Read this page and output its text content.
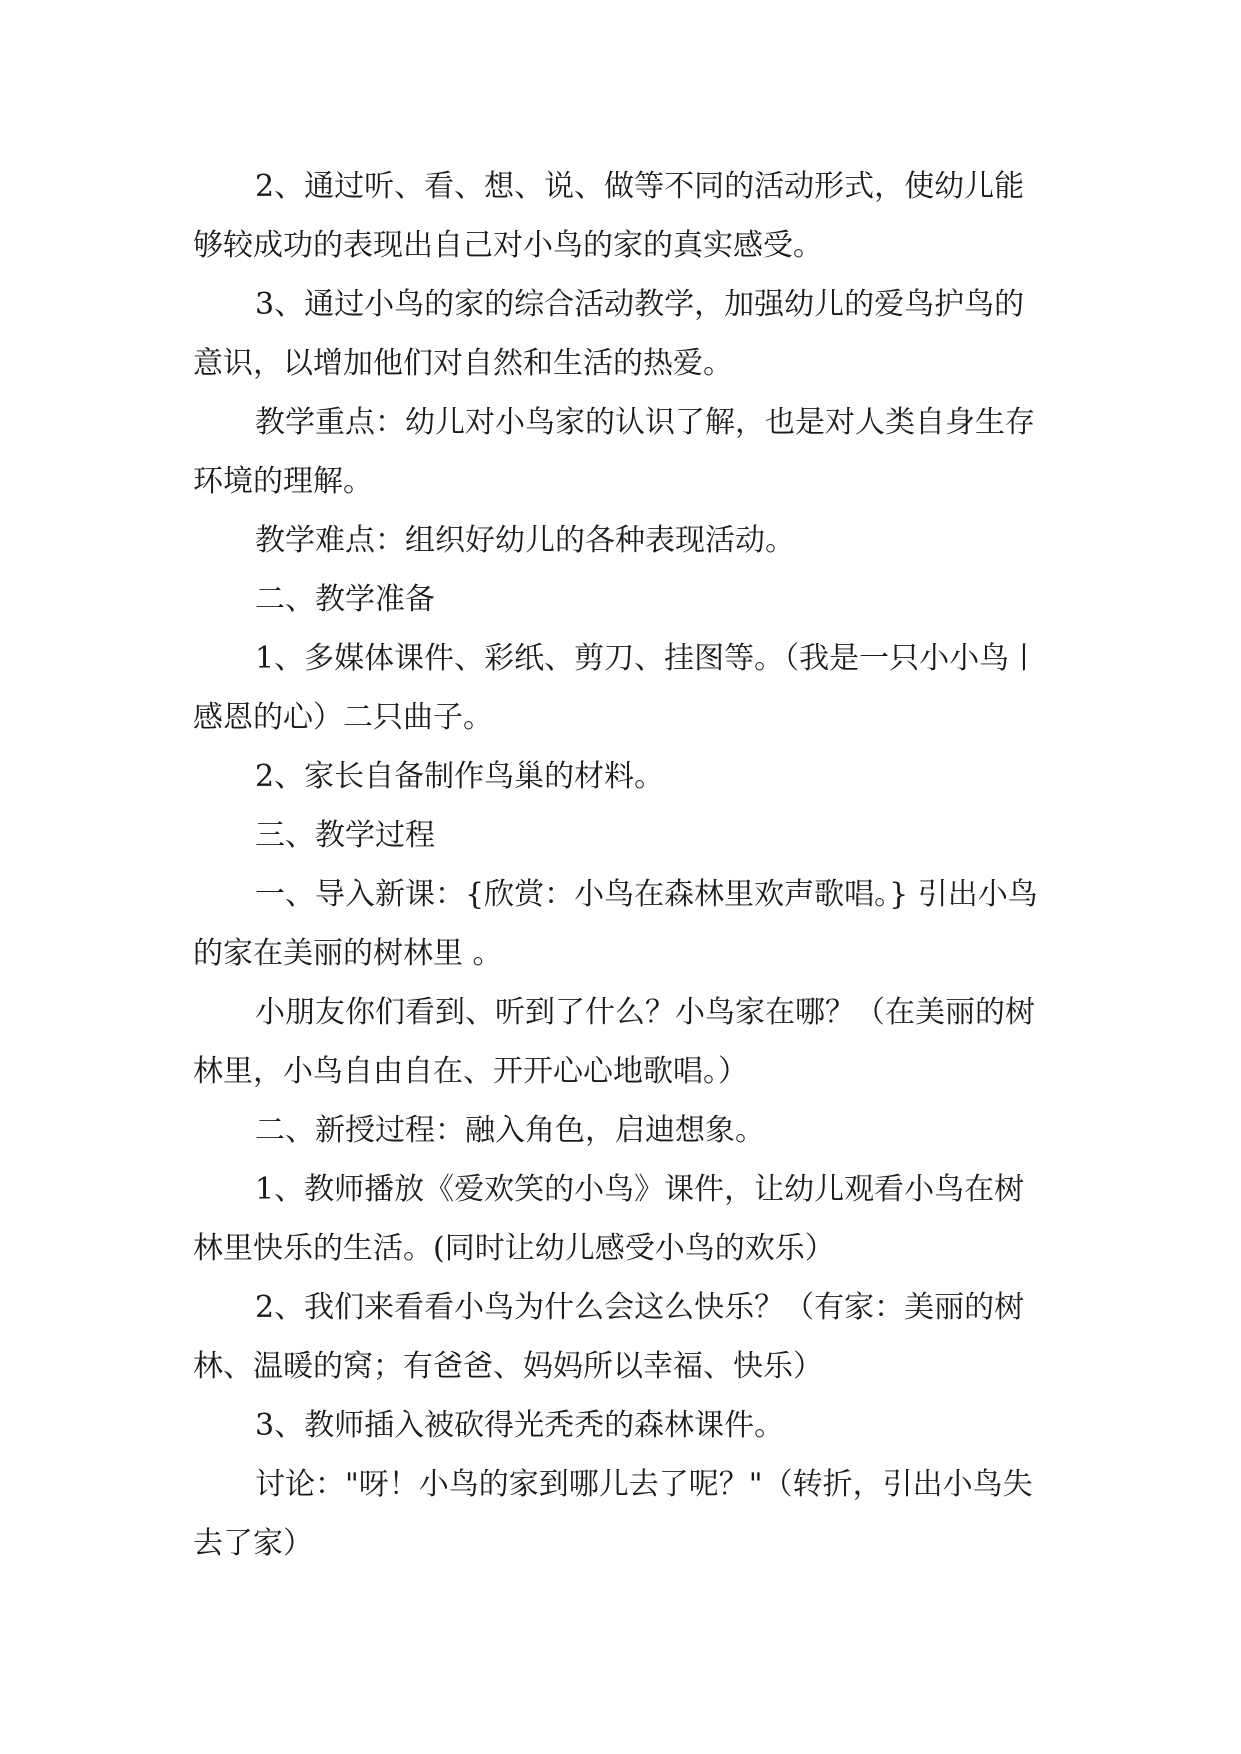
2、通过听、看、想、说、做等不同的活动形式，使幼儿能够较成功的表现出自己对小鸟的家的真实感受。

3、通过小鸟的家的综合活动教学，加强幼儿的爱鸟护鸟的意识，以增加他们对自然和生活的热爱。

教学重点：幼儿对小鸟家的认识了解，也是对人类自身生存环境的理解。

教学难点：组织好幼儿的各种表现活动。

二、教学准备

1、多媒体课件、彩纸、剪刀、挂图等。（我是一只小小鸟丨感恩的心）二只曲子。

2、家长自备制作鸟巢的材料。

三、教学过程

一、导入新课：{欣赏：小鸟在森林里欢声歌唱。} 引出小鸟的家在美丽的树林里 。

小朋友你们看到、听到了什么？小鸟家在哪？（在美丽的树林里，小鸟自由自在、开开心心地歌唱。）

二、新授过程：融入角色，启迪想象。

1、教师播放《爱欢笑的小鸟》课件，让幼儿观看小鸟在树林里快乐的生活。(同时让幼儿感受小鸟的欢乐）

2、我们来看看小鸟为什么会这么快乐？（有家：美丽的树林、温暖的窝；有爸爸、妈妈所以幸福、快乐）

3、教师插入被砍得光秃秃的森林课件。

讨论："呀！小鸟的家到哪儿去了呢？"（转折，引出小鸟失去了家）
